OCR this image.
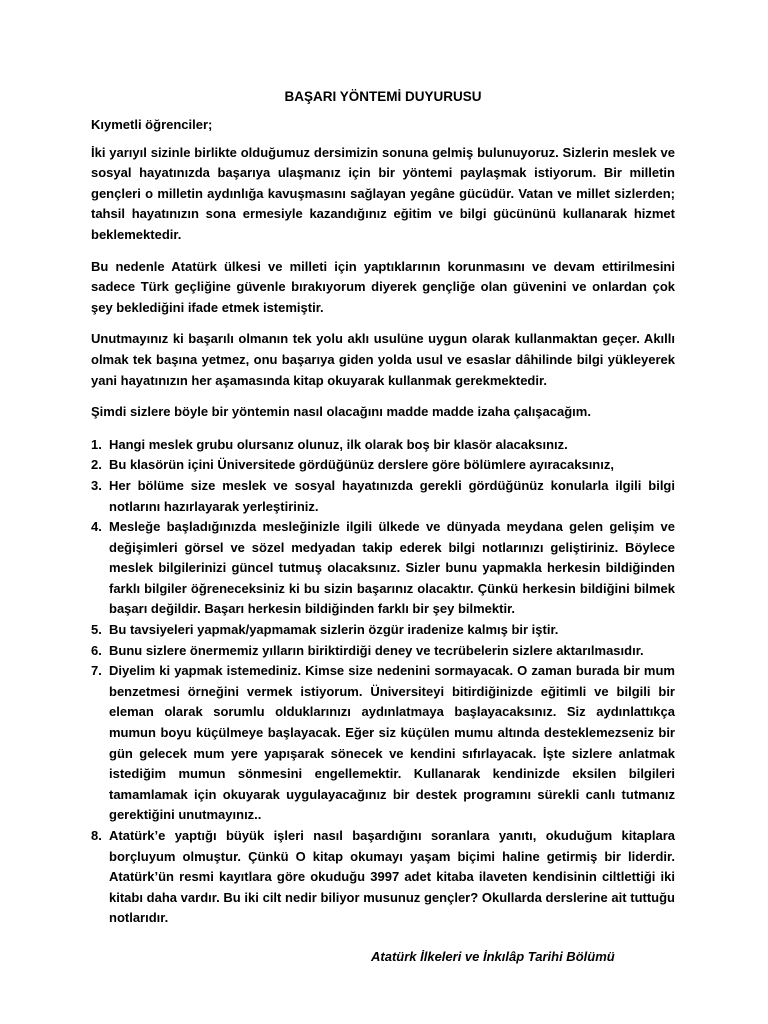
BAŞARI YÖNTEMİ DUYURUSU
Kıymetli öğrenciler;

İki yarıyıl sizinle birlikte olduğumuz dersimizin sonuna gelmiş bulunuyoruz. Sizlerin meslek ve sosyal hayatınızda başarıya ulaşmanız için bir yöntemi paylaşmak istiyorum. Bir milletin gençleri o milletin aydınlığa kavuşmasını sağlayan yegâne gücüdür. Vatan ve millet sizlerden; tahsil hayatınızın sona ermesiyle kazandığınız eğitim ve bilgi gücününü kullanarak hizmet beklemektedir.

Bu nedenle Atatürk ülkesi ve milleti için yaptıklarının korunmasını ve devam ettirilmesini sadece Türk geçliğine güvenle bırakıyorum diyerek gençliğe olan güvenini ve onlardan çok şey beklediğini ifade etmek istemiştir.

Unutmayınız ki başarılı olmanın tek yolu aklı usulüne uygun olarak kullanmaktan geçer. Akıllı olmak tek başına yetmez, onu başarıya giden yolda usul ve esaslar dâhilinde bilgi yükleyerek yani hayatınızın her aşamasında kitap okuyarak kullanmak gerekmektedir.

Şimdi sizlere böyle bir yöntemin nasıl olacağını madde madde izaha çalışacağım.
1. Hangi meslek grubu olursanız olunuz, ilk olarak boş bir klasör alacaksınız.
2. Bu klasörün içini Üniversitede gördüğünüz derslere göre bölümlere ayıracaksınız,
3. Her bölüme size meslek ve sosyal hayatınızda gerekli gördüğünüz konularla ilgili bilgi notlarını hazırlayarak yerleştiriniz.
4. Mesleğe başladığınızda mesleğinizle ilgili ülkede ve dünyada meydana gelen gelişim ve değişimleri görsel ve sözel medyadan takip ederek bilgi notlarınızı geliştiriniz. Böylece meslek bilgilerinizi güncel tutmuş olacaksınız. Sizler bunu yapmakla herkesin bildiğinden farklı bilgiler öğreneceksiniz ki bu sizin başarınız olacaktır. Çünkü herkesin bildiğini bilmek başarı değildir. Başarı herkesin bildiğinden farklı bir şey bilmektir.
5. Bu tavsiyeleri yapmak/yapmamak sizlerin özgür iradenize kalmış bir iştir.
6. Bunu sizlere önermemiz yılların biriktirdiği deney ve tecrübelerin sizlere aktarılmasıdır.
7. Diyelim ki yapmak istemediniz. Kimse size nedenini sormayacak. O zaman burada bir mum benzetmesi örneğini vermek istiyorum. Üniversiteyi bitirdiğinizde eğitimli ve bilgili bir eleman olarak sorumlu olduklarınızı aydınlatmaya başlayacaksınız. Siz aydınlattıkça mumun boyu küçülmeye başlayacak. Eğer siz küçülen mumu altında desteklemezseniz bir gün gelecek mum yere yapışarak sönecek ve kendini sıfırlayacak. İşte sizlere anlatmak istediğim mumun sönmesini engellemektir. Kullanarak kendinizde eksilen bilgileri tamamlamak için okuyarak uygulayacağınız bir destek programını sürekli canlı tutmanız gerektiğini unutmayınız..
8. Atatürk’e yaptığı büyük işleri nasıl başardığını soranlara yanıtı, okuduğum kitaplara borçluyum olmuştur. Çünkü O kitap okumayı yaşam biçimi haline getirmiş bir liderdir. Atatürk’ün resmi kayıtlara göre okuduğu 3997 adet kitaba ilaveten kendisinin ciltlettiği iki kitabı daha vardır. Bu iki cilt nedir biliyor musunuz gençler? Okullarda derslerine ait tuttuğu notlarıdır.
Atatürk İlkeleri ve İnkılâp Tarihi Bölümü
